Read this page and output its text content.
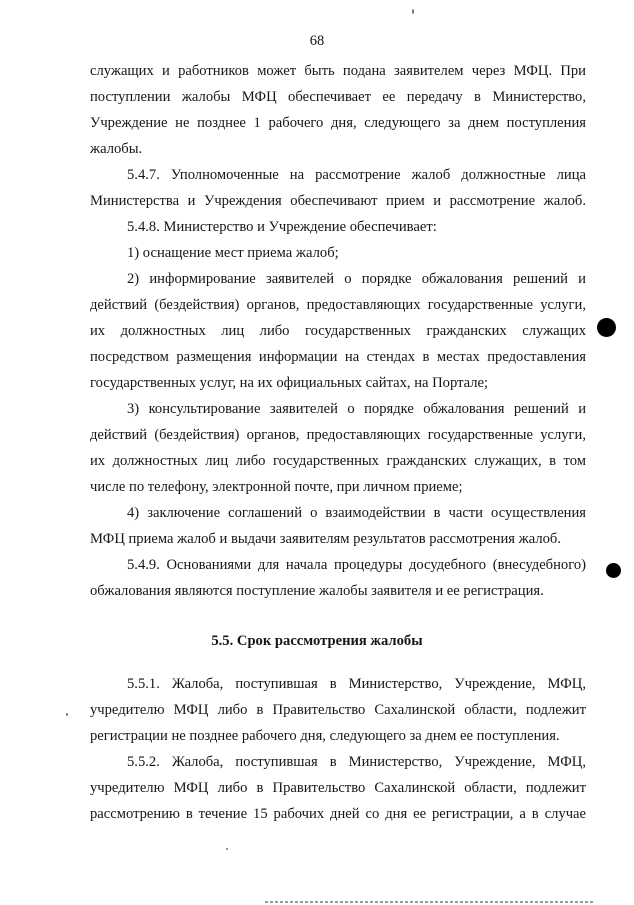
68
служащих и работников может быть подана заявителем через МФЦ. При
поступлении жалобы МФЦ обеспечивает ее передачу в Министерство,
Учреждение не позднее 1 рабочего дня, следующего за днем поступления
жалобы.
5.4.7. Уполномоченные на рассмотрение жалоб должностные лица
Министерства и Учреждения обеспечивают прием и рассмотрение жалоб.
5.4.8. Министерство и Учреждение обеспечивает:
1) оснащение мест приема жалоб;
2) информирование заявителей о порядке обжалования решений и
действий (бездействия) органов, предоставляющих государственные услуги,
их должностных лиц либо государственных гражданских служащих
посредством размещения информации на стендах в местах предоставления
государственных услуг, на их официальных сайтах, на Портале;
3) консультирование заявителей о порядке обжалования решений и
действий (бездействия) органов, предоставляющих государственные услуги,
их должностных лиц либо государственных гражданских служащих, в том
числе по телефону, электронной почте, при личном приеме;
4) заключение соглашений о взаимодействии в части осуществления
МФЦ приема жалоб и выдачи заявителям результатов рассмотрения жалоб.
5.4.9. Основаниями для начала процедуры досудебного (внесудебного)
обжалования являются поступление жалобы заявителя и ее регистрация.
5.5. Срок рассмотрения жалобы
5.5.1. Жалоба, поступившая в Министерство, Учреждение, МФЦ,
учредителю МФЦ либо в Правительство Сахалинской области, подлежит
регистрации не позднее рабочего дня, следующего за днем ее поступления.
5.5.2. Жалоба, поступившая в Министерство, Учреждение, МФЦ,
учредителю МФЦ либо в Правительство Сахалинской области, подлежит
рассмотрению в течение 15 рабочих дней со дня ее регистрации, а в случае
